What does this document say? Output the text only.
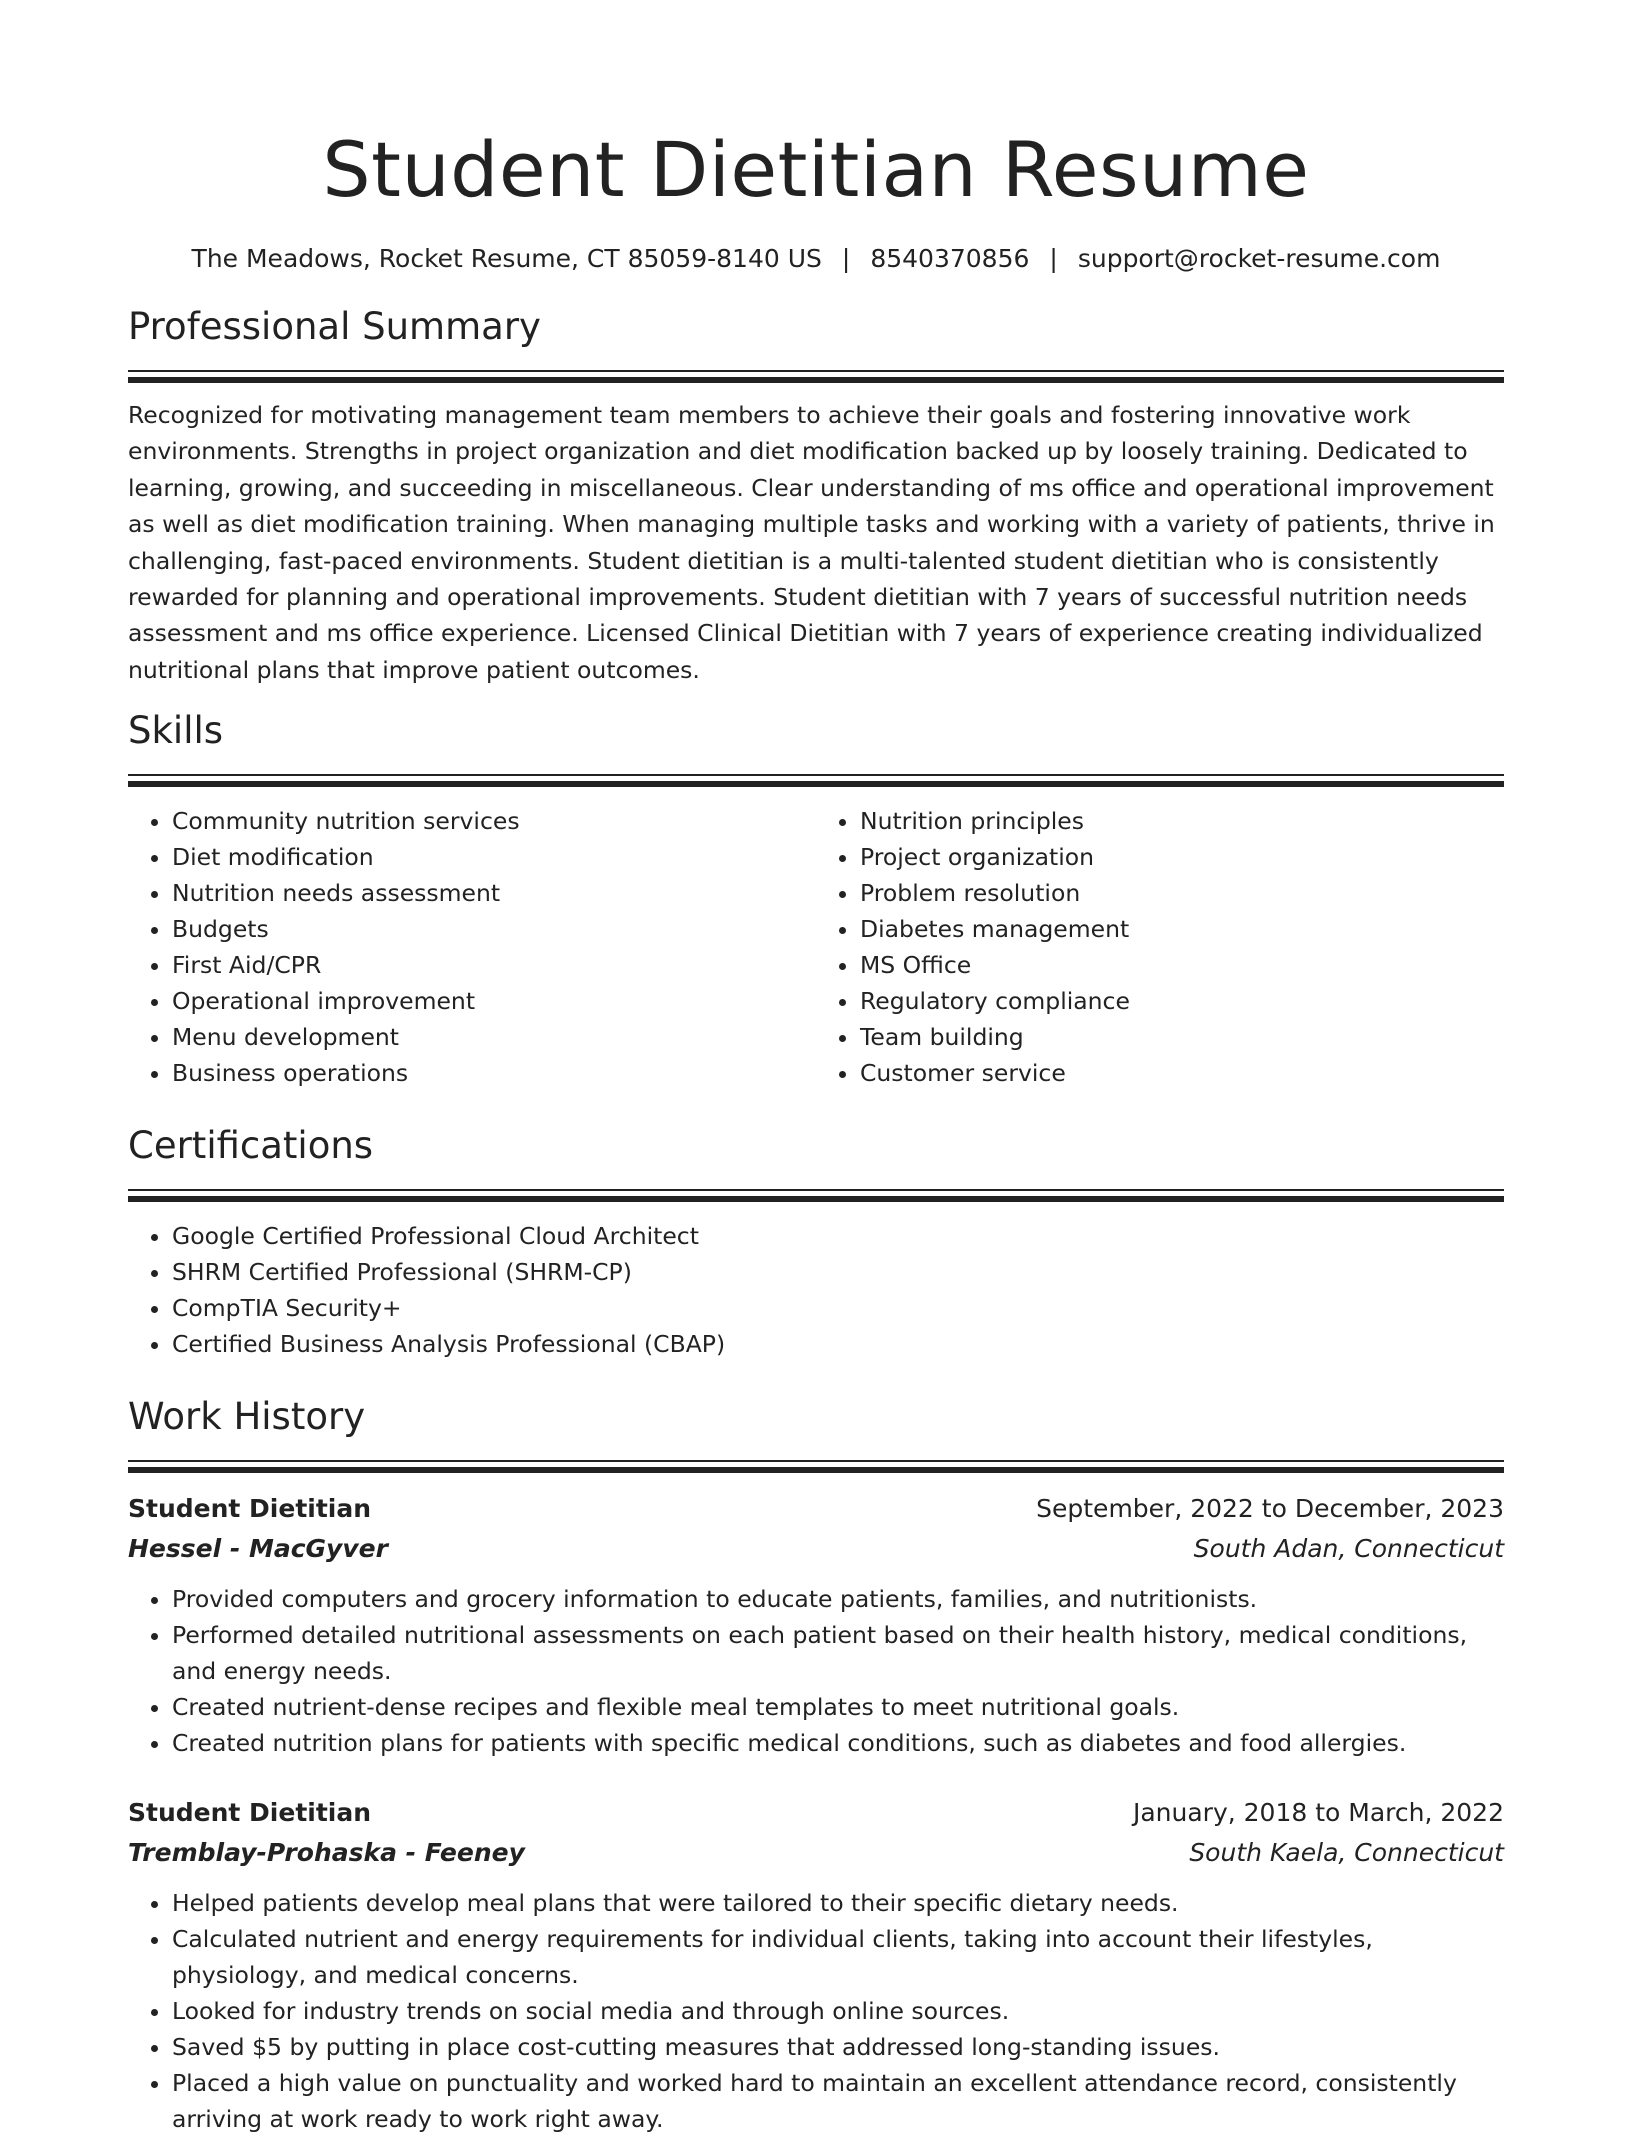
Student Dietitian Resume
The Meadows, Rocket Resume, CT 85059-8140 US | 8540370856 | support@rocket-resume.com
Professional Summary
Recognized for motivating management team members to achieve their goals and fostering innovative work environments. Strengths in project organization and diet modification backed up by loosely training. Dedicated to learning, growing, and succeeding in miscellaneous. Clear understanding of ms office and operational improvement as well as diet modification training. When managing multiple tasks and working with a variety of patients, thrive in challenging, fast-paced environments. Student dietitian is a multi-talented student dietitian who is consistently rewarded for planning and operational improvements. Student dietitian with 7 years of successful nutrition needs assessment and ms office experience. Licensed Clinical Dietitian with 7 years of experience creating individualized nutritional plans that improve patient outcomes.
Skills
• Community nutrition services
• Diet modification
• Nutrition needs assessment
• Budgets
• First Aid/CPR
• Operational improvement
• Menu development
• Business operations
• Nutrition principles
• Project organization
• Problem resolution
• Diabetes management
• MS Office
• Regulatory compliance
• Team building
• Customer service
Certifications
• Google Certified Professional Cloud Architect
• SHRM Certified Professional (SHRM-CP)
• CompTIA Security+
• Certified Business Analysis Professional (CBAP)
Work History
Student Dietitian	September, 2022 to December, 2023
Hessel - MacGyver	South Adan, Connecticut
• Provided computers and grocery information to educate patients, families, and nutritionists.
• Performed detailed nutritional assessments on each patient based on their health history, medical conditions, and energy needs.
• Created nutrient-dense recipes and flexible meal templates to meet nutritional goals.
• Created nutrition plans for patients with specific medical conditions, such as diabetes and food allergies.
Student Dietitian	January, 2018 to March, 2022
Tremblay-Prohaska - Feeney	South Kaela, Connecticut
• Helped patients develop meal plans that were tailored to their specific dietary needs.
• Calculated nutrient and energy requirements for individual clients, taking into account their lifestyles, physiology, and medical concerns.
• Looked for industry trends on social media and through online sources.
• Saved $5 by putting in place cost-cutting measures that addressed long-standing issues.
• Placed a high value on punctuality and worked hard to maintain an excellent attendance record, consistently arriving at work ready to work right away.
